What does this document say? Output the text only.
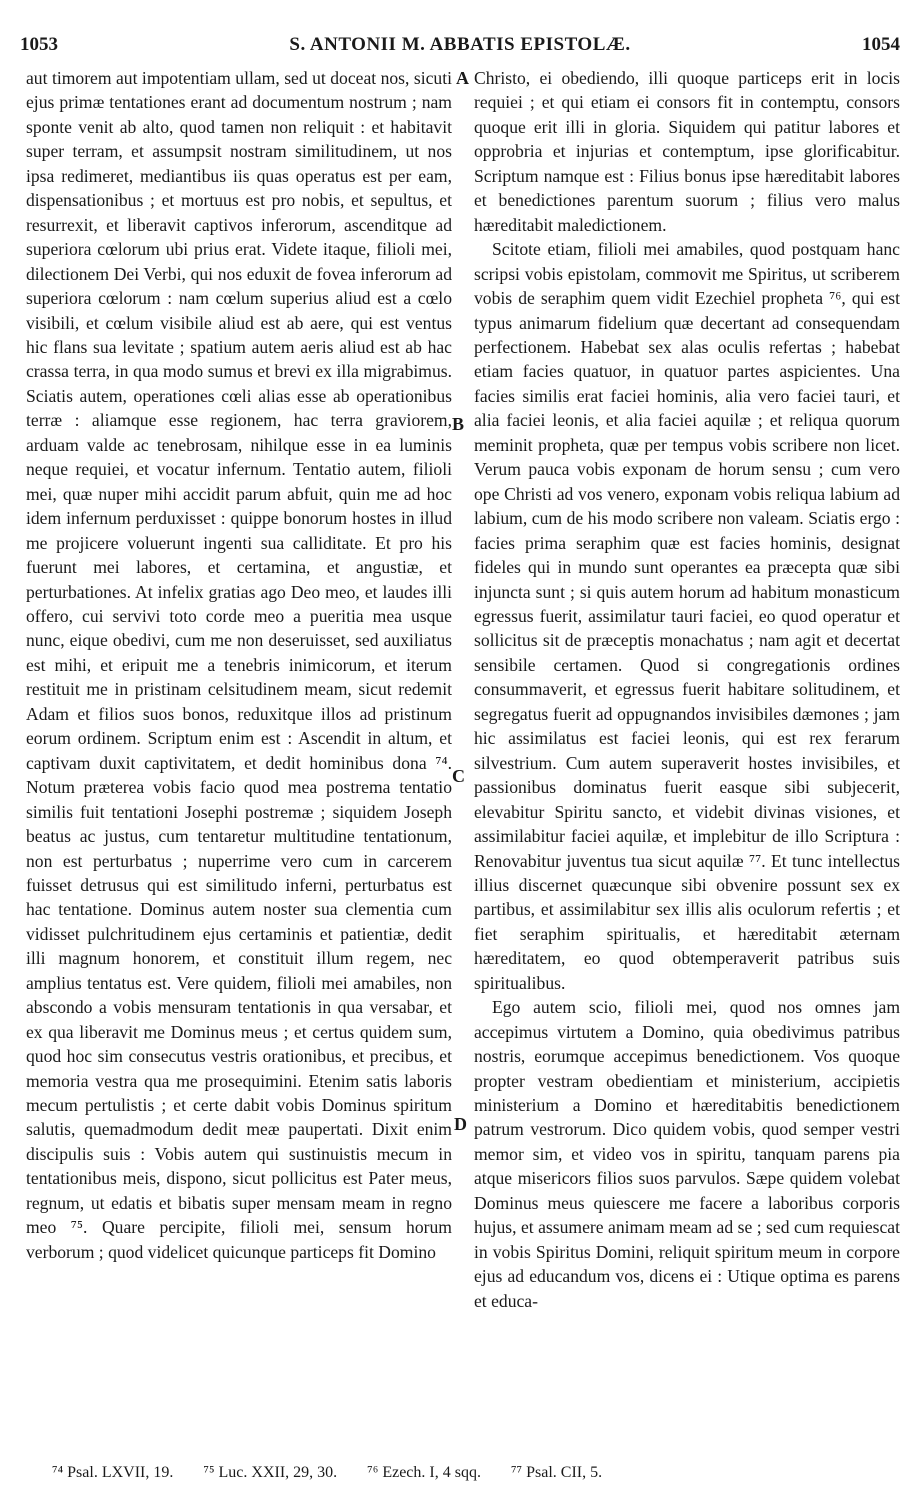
S. ANTONII M. ABBATIS EPISTOLÆ.
1053	1054

aut timorem aut impotentiam ullam, sed ut doceat nos, sicuti ejus primæ tentationes erant ad documentum nostrum ; nam sponte venit ab alto, quod tamen non reliquit : et habitavit super terram, et assumpsit nostram similitudinem, ut nos ipsa redimeret, mediantibus iis quas operatus est per eam, dispensationibus ; et mortuus est pro nobis, et sepultus, et resurrexit, et liberavit captivos inferorum, ascenditque ad superiora cœlorum ubi prius erat. Videte itaque, filioli mei, dilectionem Dei Verbi, qui nos eduxit de fovea inferorum ad superiora cœlorum : nam cœlum superius aliud est a cœlo visibili, et cœlum visibile aliud est ab aere, qui est ventus hic flans sua levitate ; spatium autem aeris aliud est ab hac crassa terra, in qua modo sumus et brevi ex illa migrabimus. Sciatis autem, operationes cœli alias esse ab operationibus terræ : aliamque esse regionem, hac terra graviorem, arduam valde ac tenebrosam, nihilque esse in ea luminis neque requiei, et vocatur infernum. Tentatio autem, filioli mei, quæ nuper mihi accidit parum abfuit, quin me ad hoc idem infernum perduxisset : quippe bonorum hostes in illud me projicere voluerunt ingenti sua calliditate. Et pro his fuerunt mei labores, et certamina, et angustiæ, et perturbationes. At infelix gratias ago Deo meo, et laudes illi offero, cui servivi toto corde meo a pueritia mea usque nunc, eique obedivi, cum me non deseruisset, sed auxiliatus est mihi, et eripuit me a tenebris inimicorum, et iterum restituit me in pristinam celsitudinem meam, sicut redemit Adam et filios suos bonos, reduxitque illos ad pristinum eorum ordinem. Scriptum enim est : Ascendit in altum, et captivam duxit captivitatem, et dedit hominibus dona ⁷⁴. Notum præterea vobis facio quod mea postrema tentatio similis fuit tentationi Josephi postremæ ; siquidem Joseph beatus ac justus, cum tentaretur multitudine tentationum, non est perturbatus ; nuperrime vero cum in carcerem fuisset detrusus qui est similitudo inferni, perturbatus est hac tentatione. Dominus autem noster sua clementia cum vidisset pulchritudinem ejus certaminis et patientiæ, dedit illi magnum honorem, et constituit illum regem, nec amplius tentatus est. Vere quidem, filioli mei amabiles, non abscondo a vobis mensuram tentationis in qua versabar, et ex qua liberavit me Dominus meus ; et certus quidem sum, quod hoc sim consecutus vestris orationibus, et precibus, et memoria vestra qua me prosequimini. Etenim satis laboris mecum pertulistis ; et certe dabit vobis Dominus spiritum salutis, quemadmodum dedit meæ paupertati. Dixit enim discipulis suis : Vobis autem qui sustinuistis mecum in tentationibus meis, dispono, sicut pollicitus est Pater meus, regnum, ut edatis et bibatis super mensam meam in regno meo ⁷⁵. Quare percipite, filioli mei, sensum horum verborum ; quod videlicet quicunque particeps fit Domino

A
B
C
D

Christo, ei obediendo, illi quoque particeps erit in locis requiei ; et qui etiam ei consors fit in contemptu, consors quoque erit illi in gloria. Siquidem qui patitur labores et opprobria et injurias et contemptum, ipse glorificabitur. Scriptum namque est : Filius bonus ipse hæreditabit labores et benedictiones parentum suorum ; filius vero malus hæreditabit maledictionem.

Scitote etiam, filioli mei amabiles, quod postquam hanc scripsi vobis epistolam, commovit me Spiritus, ut scriberem vobis de seraphim quem vidit Ezechiel propheta ⁷⁶, qui est typus animarum fidelium quæ decertant ad consequendam perfectionem. Habebat sex alas oculis refertas ; habebat etiam facies quatuor, in quatuor partes aspicientes. Una facies similis erat faciei hominis, alia vero faciei tauri, et alia faciei leonis, et alia faciei aquilæ ; et reliqua quorum meminit propheta, quæ per tempus vobis scribere non licet. Verum pauca vobis exponam de horum sensu ; cum vero ope Christi ad vos venero, exponam vobis reliqua labium ad labium, cum de his modo scribere non valeam. Sciatis ergo : facies prima seraphim quæ est facies hominis, designat fideles qui in mundo sunt operantes ea præcepta quæ sibi injuncta sunt ; si quis autem horum ad habitum monasticum egressus fuerit, assimilatur tauri faciei, eo quod operatur et sollicitus sit de præceptis monachatus ; nam agit et decertat sensibile certamen. Quod si congregationis ordines consummaverit, et egressus fuerit habitare solitudinem, et segregatus fuerit ad oppugnandos invisibiles dæmones ; jam hic assimilatus est faciei leonis, qui est rex ferarum silvestrium. Cum autem superaverit hostes invisibiles, et passionibus dominatus fuerit easque sibi subjecerit, elevabitur Spiritu sancto, et videbit divinas visiones, et assimilabitur faciei aquilæ, et implebitur de illo Scriptura : Renovabitur juventus tua sicut aquilæ ⁷⁷. Et tunc intellectus illius discernet quæcunque sibi obvenire possunt sex ex partibus, et assimilabitur sex illis alis oculorum refertis ; et fiet seraphim spiritualis, et hæreditabit æternam hæreditatem, eo quod obtemperaverit patribus suis spiritualibus.

Ego autem scio, filioli mei, quod nos omnes jam accepimus virtutem a Domino, quia obedivimus patribus nostris, eorumque accepimus benedictionem. Vos quoque propter vestram obedientiam et ministerium, accipietis ministerium a Domino et hæreditabitis benedictionem patrum vestrorum. Dico quidem vobis, quod semper vestri memor sim, et video vos in spiritu, tanquam parens pia atque misericors filios suos parvulos. Sæpe quidem volebat Dominus meus quiescere me facere a laboribus corporis hujus, et assumere animam meam ad se ; sed cum requiescat in vobis Spiritus Domini, reliquit spiritum meum in corpore ejus ad educandum vos, dicens ei : Utique optima es parens et educa-

⁷⁴ Psal. LXVII, 19. ⁷⁵ Luc. XXII, 29, 30. ⁷⁶ Ezech. I, 4 sqq. ⁷⁷ Psal. CII, 5.
